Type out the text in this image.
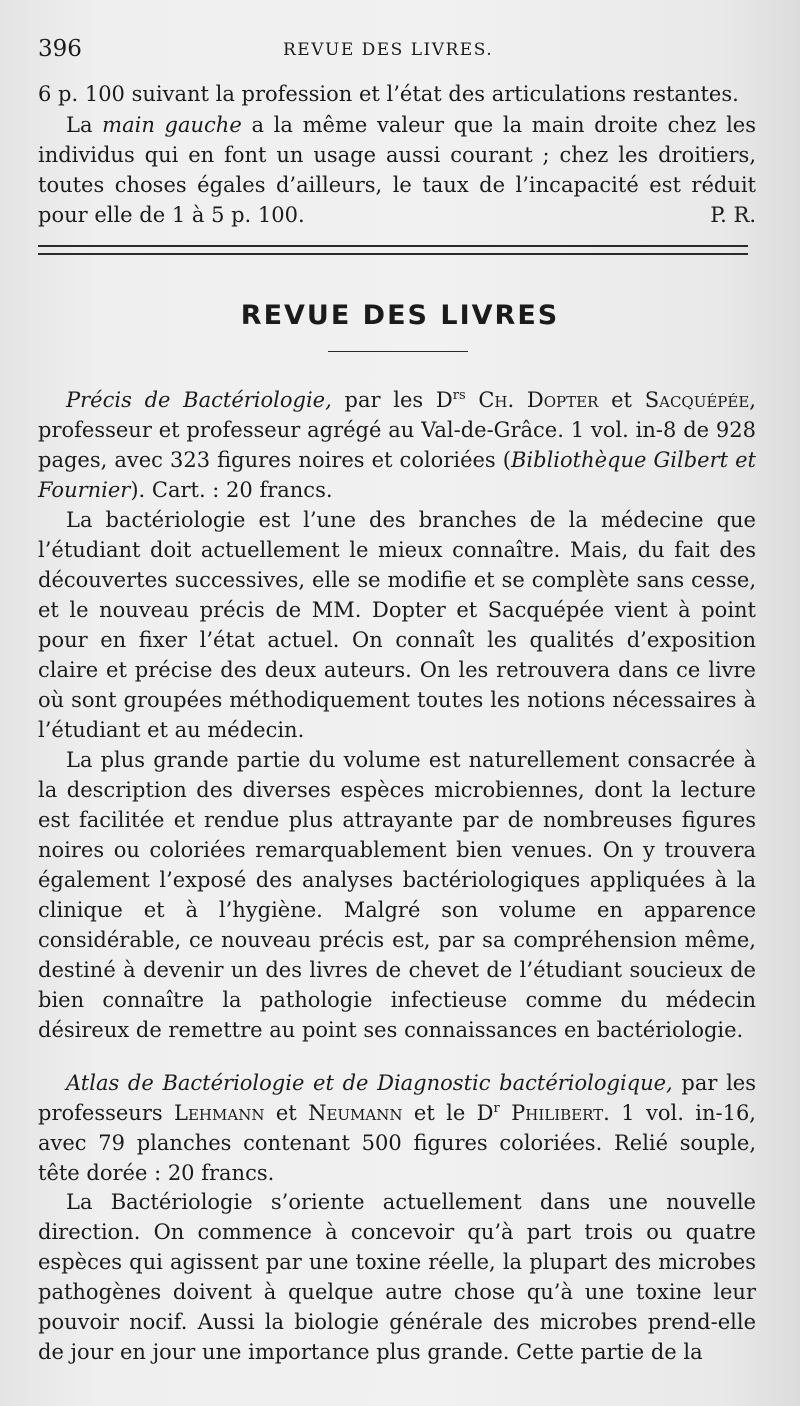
396	REVUE DES LIVRES.
6 p. 100 suivant la profession et l’état des articulations restantes.
La main gauche a la même valeur que la main droite chez les individus qui en font un usage aussi courant ; chez les droitiers, toutes choses égales d’ailleurs, le taux de l’incapacité est réduit pour elle de 1 à 5 p. 100.	P. R.
REVUE DES LIVRES
Précis de Bactériologie, par les $D^{rs}$ Ch. Dopter et Sacquépée, professeur et professeur agrégé au Val-de-Grâce. 1 vol. in-8 de 928 pages, avec 323 figures noires et coloriées (Bibliothèque Gilbert et Fournier). Cart. : 20 francs.
La bactériologie est l’une des branches de la médecine que l’étudiant doit actuellement le mieux connaître. Mais, du fait des découvertes successives, elle se modifie et se complète sans cesse, et le nouveau précis de MM. Dopter et Sacquépée vient à point pour en fixer l’état actuel. On connaît les qualités d’exposition claire et précise des deux auteurs. On les retrouvera dans ce livre où sont groupées méthodiquement toutes les notions nécessaires à l’étudiant et au médecin.
La plus grande partie du volume est naturellement consacrée à la description des diverses espèces microbiennes, dont la lecture est facilitée et rendue plus attrayante par de nombreuses figures noires ou coloriées remarquablement bien venues. On y trouvera également l’exposé des analyses bactériologiques appliquées à la clinique et à l’hygiène. Malgré son volume en apparence considérable, ce nouveau précis est, par sa compréhension même, destiné à devenir un des livres de chevet de l’étudiant soucieux de bien connaître la pathologie infectieuse comme du médecin désireux de remettre au point ses connaissances en bactériologie.
Atlas de Bactériologie et de Diagnostic bactériologique, par les professeurs Lehmann et Neumann et le $D^r$ Philibert. 1 vol. in-16, avec 79 planches contenant 500 figures coloriées. Relié souple, tête dorée : 20 francs.
La Bactériologie s’oriente actuellement dans une nouvelle direction. On commence à concevoir qu’à part trois ou quatre espèces qui agissent par une toxine réelle, la plupart des microbes pathogènes doivent à quelque autre chose qu’à une toxine leur pouvoir nocif. Aussi la biologie générale des microbes prend-elle de jour en jour une importance plus grande. Cette partie de la
